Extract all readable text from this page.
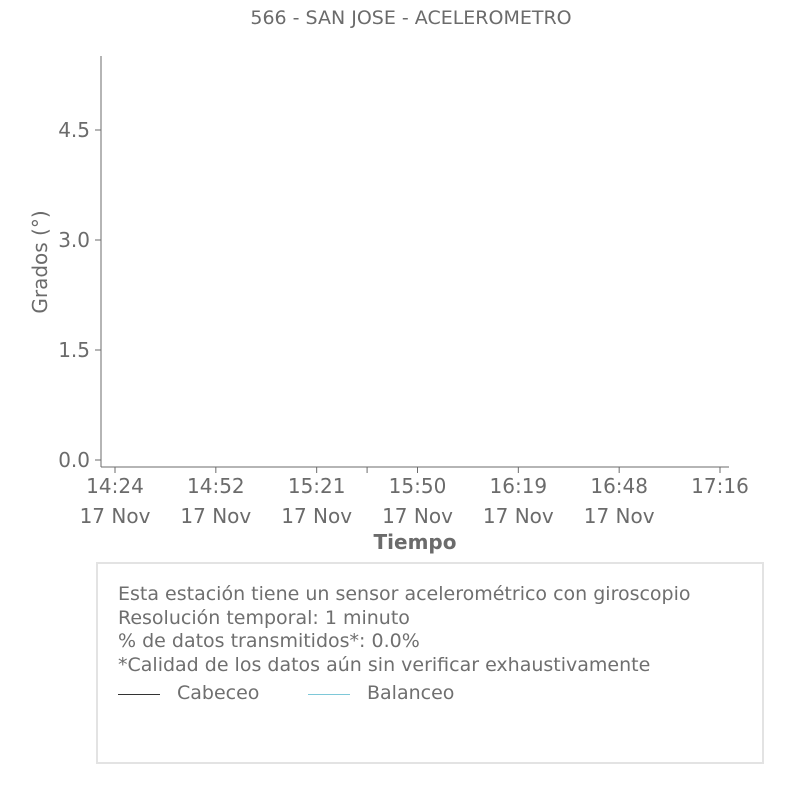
566 - SAN JOSE - ACELEROMETRO
0.0
1.5
3.0
4.5
14:24
17 Nov
14:52
17 Nov
15:21
17 Nov
15:50
17 Nov
16:19
17 Nov
16:48
17 Nov
17:16
Grados (°)
Tiempo
Esta estación tiene un sensor acelerométrico con giroscopio
Resolución temporal: 1 minuto
% de datos transmitidos*: 0.0%
*Calidad de los datos aún sin verificar exhaustivamente
Cabeceo	Balanceo
